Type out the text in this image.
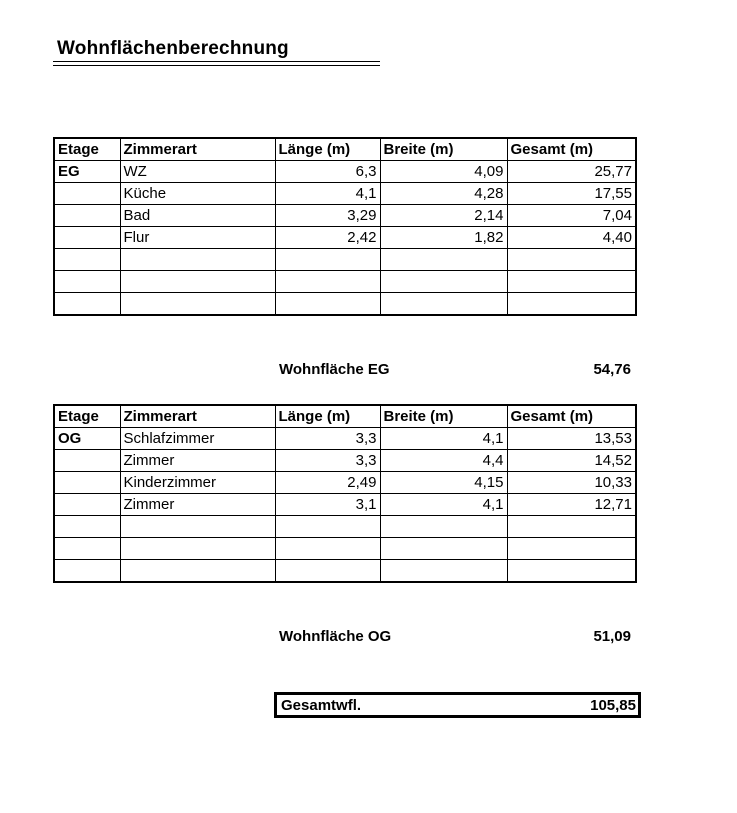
Wohnflächenberechnung
Etage	Zimmerart	Länge (m)	Breite (m)	Gesamt (m)
EG	WZ	6,3	4,09	25,77
	Küche	4,1	4,28	17,55
	Bad	3,29	2,14	7,04
	Flur	2,42	1,82	4,40

Wohnfläche EG	54,76
Etage	Zimmerart	Länge (m)	Breite (m)	Gesamt (m)
OG	Schlafzimmer	3,3	4,1	13,53
	Zimmer	3,3	4,4	14,52
	Kinderzimmer	2,49	4,15	10,33
	Zimmer	3,1	4,1	12,71

Wohnfläche OG	51,09
Gesamtwfl.	105,85
